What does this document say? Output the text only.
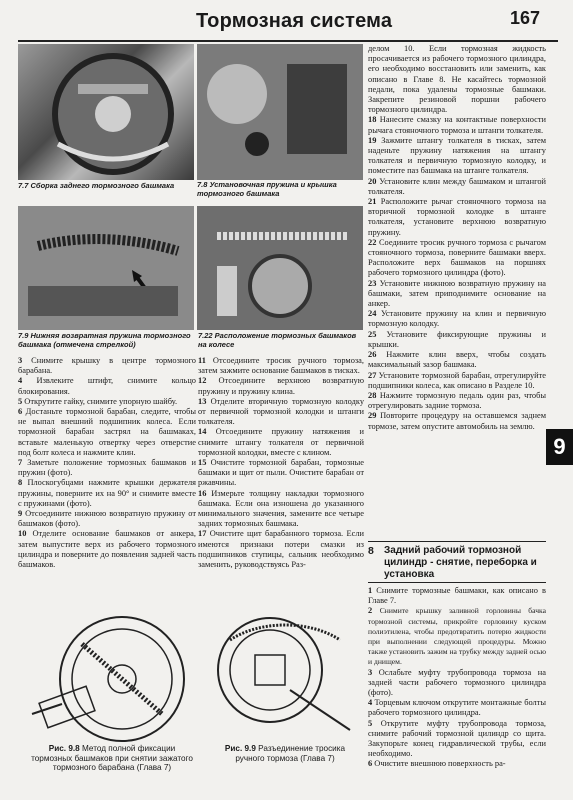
Тормозная система	167
7.7 Сборка заднего тормозного башмака	7.8 Установочная пружина и крышка тормозного башмака
7.9 Нижняя возвратная пружина тормозного башмака (отмечена стрелкой)
7.22 Расположение тормозных башмаков на колесе

3 Снимите крышку в центре тормозного барабана.

4 Извлеките штифт, снимите кольцо блокирования.

5 Открутите гайку, снимите упорную шайбу.

6 Достаньте тормозной барабан, следите, чтобы не выпал внешний подшипник колеса. Если тормозной барабан застрял на башмаках, вставьте маленькую отвертку через отверстие под болт колеса и нажмите клин.

7 Заметьте положение тормозных башмаков и пружин (фото).

8 Плоскогубцами нажмите крышки держателя пружины, поверните их на 90° и снимите вместе с пружинами (фото).

9 Отсоедините нижнюю возвратную пружину от башмаков (фото).

10 Отделите основание башмаков от анкера, затем выпустите верх из рабочего тормозного цилиндра и поверните до появления задней часть башмаков.

11 Отсоедините тросик ручного тормоза, затем зажмите основание башмаков в тисках.

12 Отсоедините верхнюю возвратную пружину и пружину клина.

13 Отделите вторичную тормозную колодку от первичной тормозной колодки и штанги толкателя.

14 Отсоедините пружину натяжения и снимите штангу толкателя от первичной тормозной колодки, вместе с клином.

15 Очистите тормозной барабан, тормозные башмаки и щит от пыли. Очистите барабан от ржавчины.

16 Измерьте толщину накладки тормозного башмака. Если она изношена до указанного минимального значения, замените все четыре задних тормозных башмака.

17 Очистите щит барабанного тормоза. Если имеются признаки потери смазки из подшипников ступицы, сальник необходимо заменить, руководствуясь Раз-

делом 10. Если тормозная жидкость просачивается из рабочего тормозного цилиндра, его необходимо восстановить или заменить, как описано в Главе 8. Не касайтесь тормозной педали, пока удалены тормозные башмаки. Закрепите резиновой поршни рабочего тормозного цилиндра.

18 Нанесите смазку на контактные поверхности рычага стояночного тормоза и штанги толкателя.

19 Зажмите штангу толкателя в тисках, затем наденьте пружину натяжения на штангу толкателя и первичную тормозную колодку, и поместите паз башмака на штанге толкателя.

20 Установите клин между башмаком и штангой толкателя.

21 Расположите рычаг стояночного тормоза на вторичной тормозной колодке в штанге толкателя, установите верхнюю возвратную пружину.

22 Соедините тросик ручного тормоза с рычагом стояночного тормоза, поверните башмаки вверх. Расположите верх башмаков на поршнях рабочего тормозного цилиндра (фото).

23 Установите нижнюю возвратную пружину на башмаки, затем приподнимите основание на анкер.

24 Установите пружину на клин и первичную тормозную колодку.

25 Установите фиксирующие пружины и крышки.

26 Нажмите клин вверх, чтобы создать максимальный зазор башмака.

27 Установите тормозной барабан, отрегулируйте подшипники колеса, как описано в Разделе 10.

28 Нажмите тормозную педаль один раз, чтобы отрегулировать задние тормоза.

29 Повторите процедуру на оставшемся заднем тормозе, затем опустите автомобиль на землю.

8 Задний рабочий тормозной цилиндр - снятие, переборка и установка

1 Снимите тормозные башмаки, как описано в Главе 7.

2 Снимите крышку заливной горловины бачка тормозной системы, прикройте горловину куском полиэтилена, чтобы предотвратить потерю жидкости при выполнении следующей процедуры. Можно также установить зажим на трубку между задней осью и днищем.

3 Ослабьте муфту трубопровода тормоза на задней части рабочего тормозного цилиндра (фото).

4 Торцевым ключом открутите монтажные болты рабочего тормозного цилиндра.

5 Открутите муфту трубопровода тормоза, снимите рабочий тормозной цилиндр со щита. Закупорьте конец гидравлической трубы, если необходимо.

6 Очистите внешнюю поверхность ра-

9
Рис. 9.8 Метод полной фиксации тормозных башмаков при снятии зажатого тормозного барабана (Глава 7)
Рис. 9.9 Разъединение тросика ручного тормоза (Глава 7)
